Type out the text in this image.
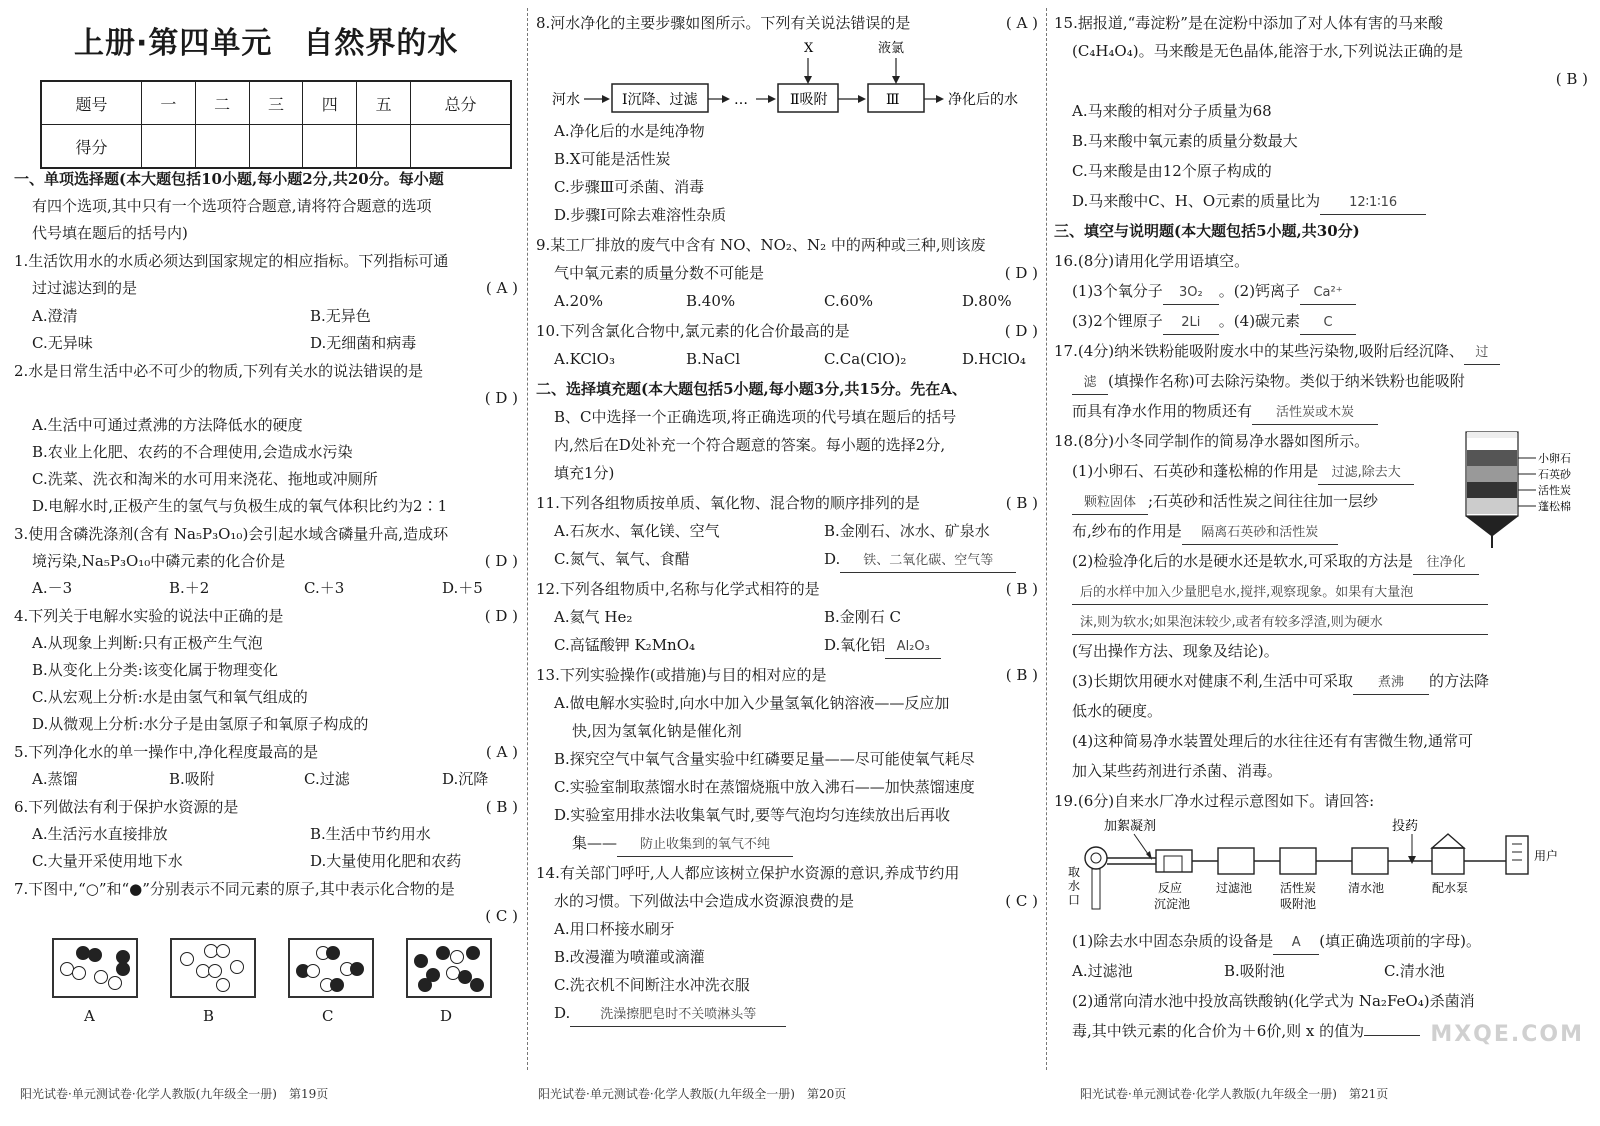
上册·第四单元　自然界的水
题号	一	二	三	四	五	总分
得分						
一、单项选择题(本大题包括10小题,每小题2分,共20分。每小题
有四个选项,其中只有一个选项符合题意,请将符合题意的选项
代号填在题后的括号内)
1.生活饮用水的水质必须达到国家规定的相应指标。下列指标可通
过过滤达到的是	( A )
A.澄清	B.无异色
C.无异味	D.无细菌和病毒
2.水是日常生活中必不可少的物质,下列有关水的说法错误的是
( D )
A.生活中可通过煮沸的方法降低水的硬度
B.农业上化肥、农药的不合理使用,会造成水污染
C.洗菜、洗衣和淘米的水可用来浇花、拖地或冲厕所
D.电解水时,正极产生的氢气与负极生成的氧气体积比约为2∶1
3.使用含磷洗涤剂(含有 Na₅P₃O₁₀)会引起水域含磷量升高,造成环
境污染,Na₅P₃O₁₀中磷元素的化合价是	( D )
A.－3	B.＋2	C.＋3	D.＋5
4.下列关于电解水实验的说法中正确的是	( D )
A.从现象上判断:只有正极产生气泡
B.从变化上分类:该变化属于物理变化
C.从宏观上分析:水是由氢气和氧气组成的
D.从微观上分析:水分子是由氢原子和氧原子构成的
5.下列净化水的单一操作中,净化程度最高的是	( A )
A.蒸馏	B.吸附	C.过滤	D.沉降
6.下列做法有利于保护水资源的是	( B )
A.生活污水直接排放	B.生活中节约用水
C.大量开采使用地下水	D.大量使用化肥和农药
7.下图中,“○”和“●”分别表示不同元素的原子,其中表示化合物的是
( C )
A	B	C	D
8.河水净化的主要步骤如图所示。下列有关说法错误的是	( A )
河水	Ⅰ沉降、过滤	…	Ⅱ吸附	Ⅲ	净化后的水
X	液氯
A.净化后的水是纯净物
B.X可能是活性炭
C.步骤Ⅲ可杀菌、消毒
D.步骤Ⅰ可除去难溶性杂质
9.某工厂排放的废气中含有 NO、NO₂、N₂ 中的两种或三种,则该废
气中氧元素的质量分数不可能是	( D )
A.20%	B.40%	C.60%	D.80%
10.下列含氯化合物中,氯元素的化合价最高的是	( D )
A.KClO₃	B.NaCl	C.Ca(ClO)₂	D.HClO₄
二、选择填充题(本大题包括5小题,每小题3分,共15分。先在A、
B、C中选择一个正确选项,将正确选项的代号填在题后的括号
内,然后在D处补充一个符合题意的答案。每小题的选择2分,
填充1分)
11.下列各组物质按单质、氧化物、混合物的顺序排列的是	( B )
A.石灰水、氧化镁、空气	B.金刚石、冰水、矿泉水
C.氮气、氧气、食醋	D. 铁、二氧化碳、空气等
12.下列各组物质中,名称与化学式相符的是	( B )
A.氦气 He₂	B.金刚石 C
C.高锰酸钾 K₂MnO₄	D.氧化铝 Al₂O₃
13.下列实验操作(或措施)与目的相对应的是	( B )
A.做电解水实验时,向水中加入少量氢氧化钠溶液——反应加
快,因为氢氧化钠是催化剂
B.探究空气中氧气含量实验中红磷要足量——尽可能使氧气耗尽
C.实验室制取蒸馏水时在蒸馏烧瓶中放入沸石——加快蒸馏速度
D.实验室用排水法收集氧气时,要等气泡均匀连续放出后再收
集—— 防止收集到的氧气不纯
14.有关部门呼吁,人人都应该树立保护水资源的意识,养成节约用
水的习惯。下列做法中会造成水资源浪费的是	( C )
A.用口杯接水刷牙
B.改漫灌为喷灌或滴灌
C.洗衣机不间断注水冲洗衣服
D. 洗澡擦肥皂时不关喷淋头等
15.据报道,“毒淀粉”是在淀粉中添加了对人体有害的马来酸
(C₄H₄O₄)。马来酸是无色晶体,能溶于水,下列说法正确的是
( B )
A.马来酸的相对分子质量为68
B.马来酸中氧元素的质量分数最大
C.马来酸是由12个原子构成的
D.马来酸中C、H、O元素的质量比为 12∶1∶16
三、填空与说明题(本大题包括5小题,共30分)
16.(8分)请用化学用语填空。
(1)3个氧分子 3O₂ 。(2)钙离子 Ca²⁺
(3)2个锂原子 2Li 。(4)碳元素 C
17.(4分)纳米铁粉能吸附废水中的某些污染物,吸附后经沉降、 过
滤 (填操作名称)可去除污染物。类似于纳米铁粉也能吸附
而具有净水作用的物质还有 活性炭或木炭
18.(8分)小冬同学制作的简易净水器如图所示。
小卵石
石英砂
活性炭
蓬松棉
(1)小卵石、石英砂和蓬松棉的作用是 过滤,除去大
颗粒固体 ;石英砂和活性炭之间往往加一层纱
布,纱布的作用是 隔离石英砂和活性炭
(2)检验净化后的水是硬水还是软水,可采取的方法是 往净化
后的水样中加入少量肥皂水,搅拌,观察现象。如果有大量泡
沫,则为软水;如果泡沫较少,或者有较多浮渣,则为硬水
(写出操作方法、现象及结论)。
(3)长期饮用硬水对健康不利,生活中可采取 煮沸 的方法降
低水的硬度。
(4)这种简易净水装置处理后的水往往还有有害微生物,通常可
加入某些药剂进行杀菌、消毒。
19.(6分)自来水厂净水过程示意图如下。请回答:
加絮凝剂	投药
取
水
口
反应
沉淀池
过滤池 活性炭
吸附池
清水池	配水泵
用户
(1)除去水中固态杂质的设备是 A (填正确选项前的字母)。
A.过滤池	B.吸附池	C.清水池
(2)通常向清水池中投放高铁酸钠(化学式为 Na₂FeO₄)杀菌消
毒,其中铁元素的化合价为＋6价,则 x 的值为	MXQE.COM
阳光试卷·单元测试卷·化学人教版(九年级全一册)　第19页	阳光试卷·单元测试卷·化学人教版(九年级全一册)　第20页	阳光试卷·单元测试卷·化学人教版(九年级全一册)　第21页
